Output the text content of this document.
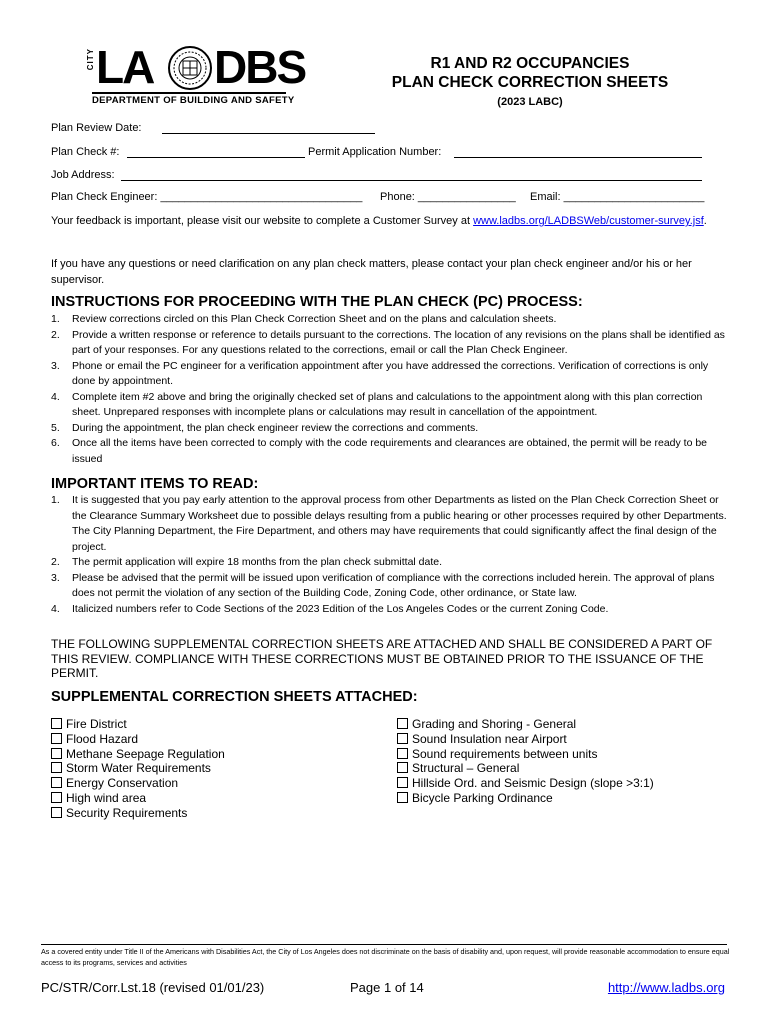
CITY LA DBS
DEPARTMENT OF BUILDING AND SAFETY
R1 AND R2 OCCUPANCIES
PLAN CHECK CORRECTION SHEETS
(2023 LABC)
Plan Review Date:
Plan Check #:	Permit Application Number:
Job Address:
Plan Check Engineer: _________________________________ Phone: ________________ Email: _______________________
Your feedback is important, please visit our website to complete a Customer Survey at www.ladbs.org/LADBSWeb/customer-survey.jsf.
If you have any questions or need clarification on any plan check matters, please contact your plan check engineer and/or his or her supervisor.
INSTRUCTIONS FOR PROCEEDING WITH THE PLAN CHECK (PC) PROCESS:
1. Review corrections circled on this Plan Check Correction Sheet and on the plans and calculation sheets.
2. Provide a written response or reference to details pursuant to the corrections. The location of any revisions on the plans shall be identified as part of your responses. For any questions related to the corrections, email or call the Plan Check Engineer.
3. Phone or email the PC engineer for a verification appointment after you have addressed the corrections. Verification of corrections is only done by appointment.
4. Complete item #2 above and bring the originally checked set of plans and calculations to the appointment along with this plan correction sheet. Unprepared responses with incomplete plans or calculations may result in cancellation of the appointment.
5. During the appointment, the plan check engineer review the corrections and comments.
6. Once all the items have been corrected to comply with the code requirements and clearances are obtained, the permit will be ready to be issued
IMPORTANT ITEMS TO READ:
1. It is suggested that you pay early attention to the approval process from other Departments as listed on the Plan Check Correction Sheet or the Clearance Summary Worksheet due to possible delays resulting from a public hearing or other processes required by other Departments. The City Planning Department, the Fire Department, and others may have requirements that could significantly affect the final design of the project.
2. The permit application will expire 18 months from the plan check submittal date.
3. Please be advised that the permit will be issued upon verification of compliance with the corrections included herein. The approval of plans does not permit the violation of any section of the Building Code, Zoning Code, other ordinance, or State law.
4. Italicized numbers refer to Code Sections of the 2023 Edition of the Los Angeles Codes or the current Zoning Code.
THE FOLLOWING SUPPLEMENTAL CORRECTION SHEETS ARE ATTACHED AND SHALL BE CONSIDERED A PART OF THIS REVIEW. COMPLIANCE WITH THESE CORRECTIONS MUST BE OBTAINED PRIOR TO THE ISSUANCE OF THE PERMIT.
SUPPLEMENTAL CORRECTION SHEETS ATTACHED:
Fire District
Flood Hazard
Methane Seepage Regulation
Storm Water Requirements
Energy Conservation
High wind area
Security Requirements
Grading and Shoring - General
Sound Insulation near Airport
Sound requirements between units
Structural – General
Hillside Ord. and Seismic Design (slope >3:1)
Bicycle Parking Ordinance
As a covered entity under Title II of the Americans with Disabilities Act, the City of Los Angeles does not discriminate on the basis of disability and, upon request, will provide reasonable accommodation to ensure equal access to its programs, services and activities
PC/STR/Corr.Lst.18 (revised 01/01/23)	Page 1 of 14	http://www.ladbs.org
